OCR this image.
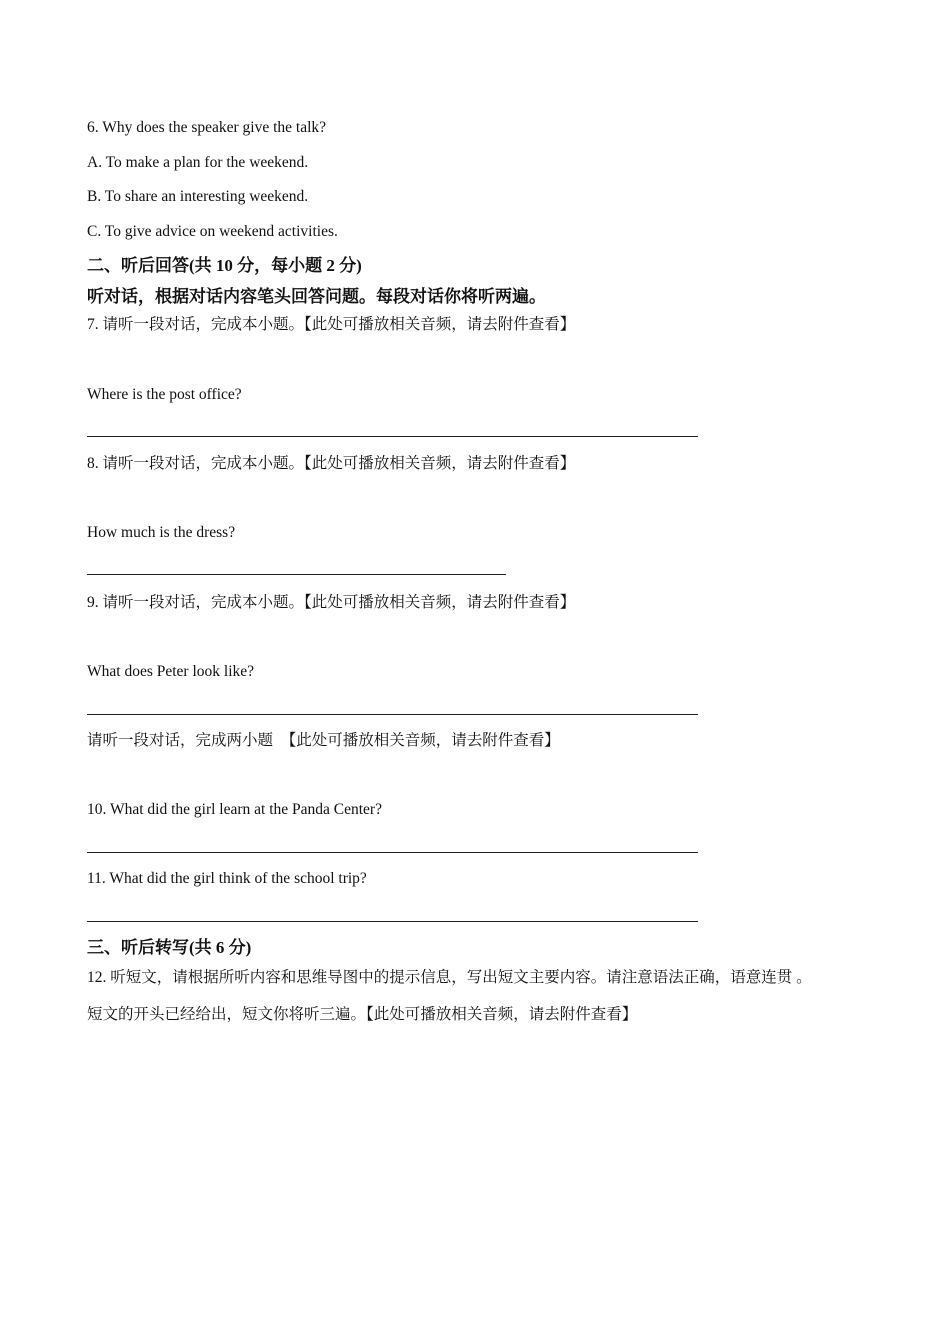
6. Why does the speaker give the talk?
A. To make a plan for the weekend.
B. To share an interesting weekend.
C. To give advice on weekend activities.
二、听后回答(共 10 分，每小题 2 分)
听对话，根据对话内容笔头回答问题。每段对话你将听两遍。
7. 请听一段对话，完成本小题。【此处可播放相关音频，请去附件查看】
Where is the post office?
8. 请听一段对话，完成本小题。【此处可播放相关音频，请去附件查看】
How much is the dress?
9. 请听一段对话，完成本小题。【此处可播放相关音频，请去附件查看】
What does Peter look like?
请听一段对话，完成两小题　【此处可播放相关音频，请去附件查看】
10. What did the girl learn at the Panda Center?
11. What did the girl think of the school trip?
三、听后转写(共 6 分)
12. 听短文，请根据所听内容和思维导图中的提示信息，写出短文主要内容。请注意语法正确，语意连贯 。
短文的开头已经给出，短文你将听三遍。【此处可播放相关音频，请去附件查看】
